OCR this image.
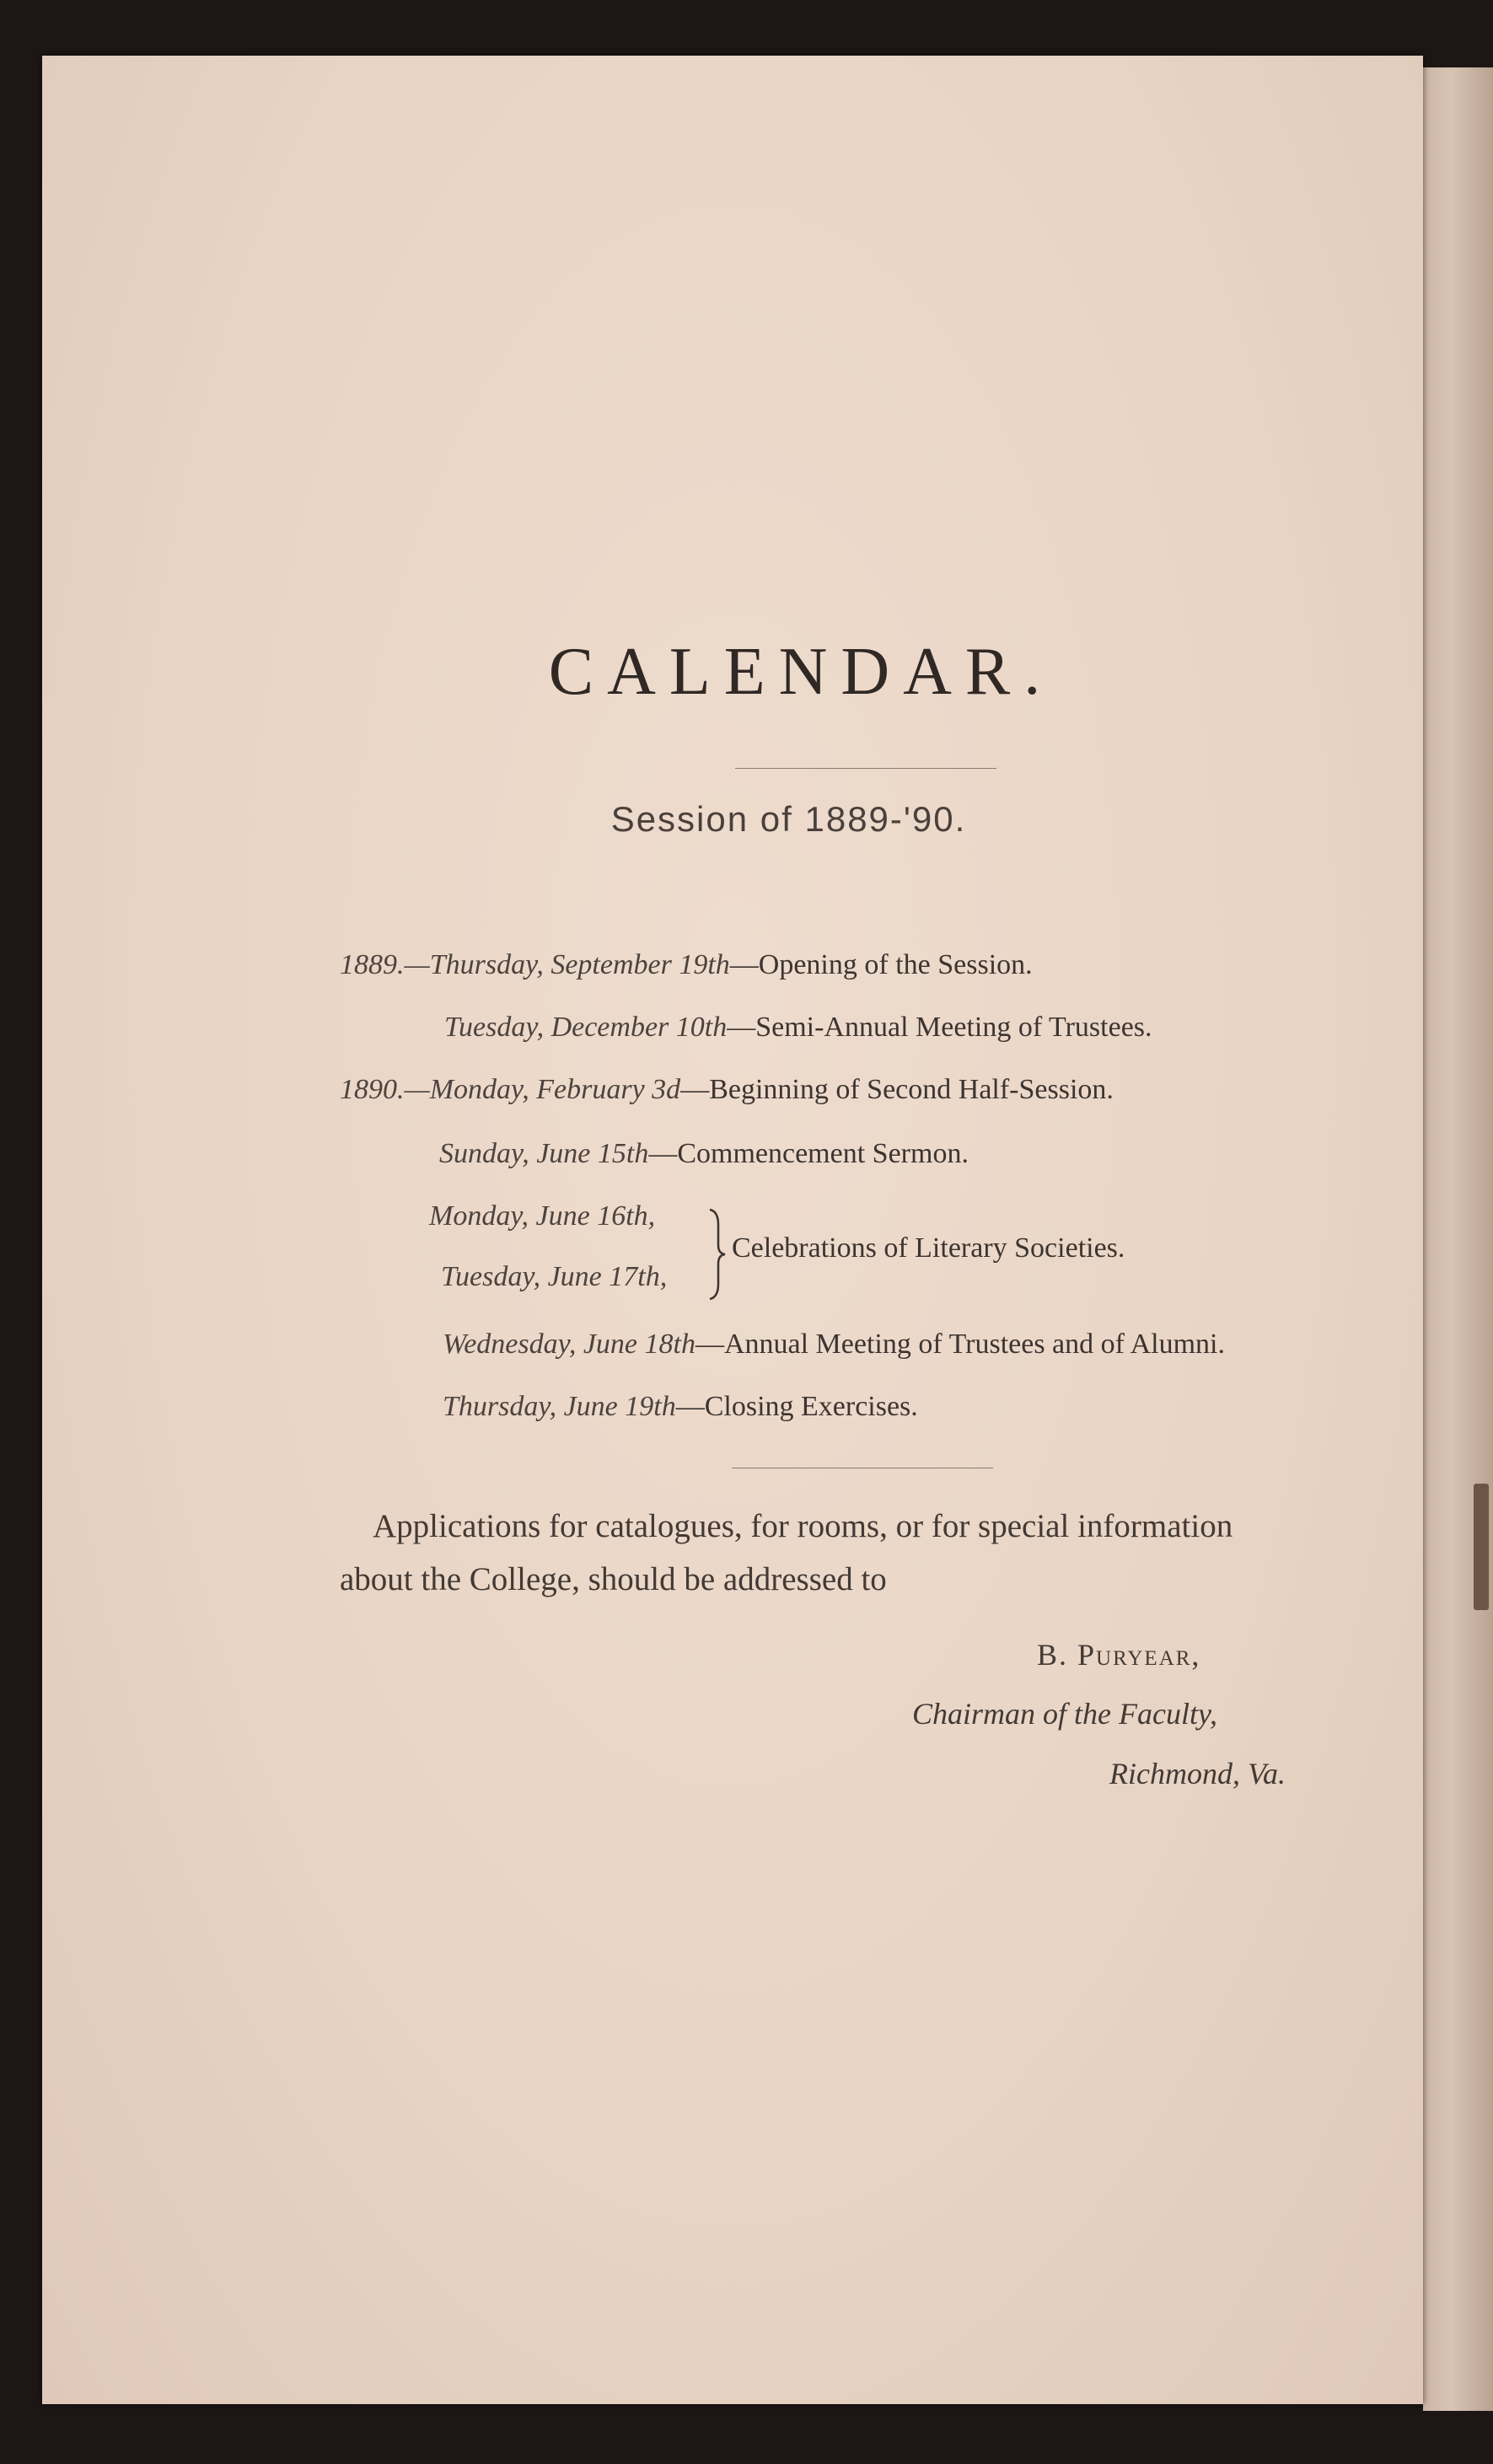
CALENDAR.
Session of 1889-'90.
1889.—Thursday, September 19th—Opening of the Session.
Tuesday, December 10th—Semi-Annual Meeting of Trustees.
1890.—Monday, February 3d—Beginning of Second Half-Session.
Sunday, June 15th—Commencement Sermon.
Monday, June 16th,
Tuesday, June 17th,
Celebrations of Literary Societies.
Wednesday, June 18th—Annual Meeting of Trustees and of Alumni.
Thursday, June 19th—Closing Exercises.
Applications for catalogues, for rooms, or for special information
about the College, should be addressed to
B. Puryear,
Chairman of the Faculty,
Richmond, Va.
